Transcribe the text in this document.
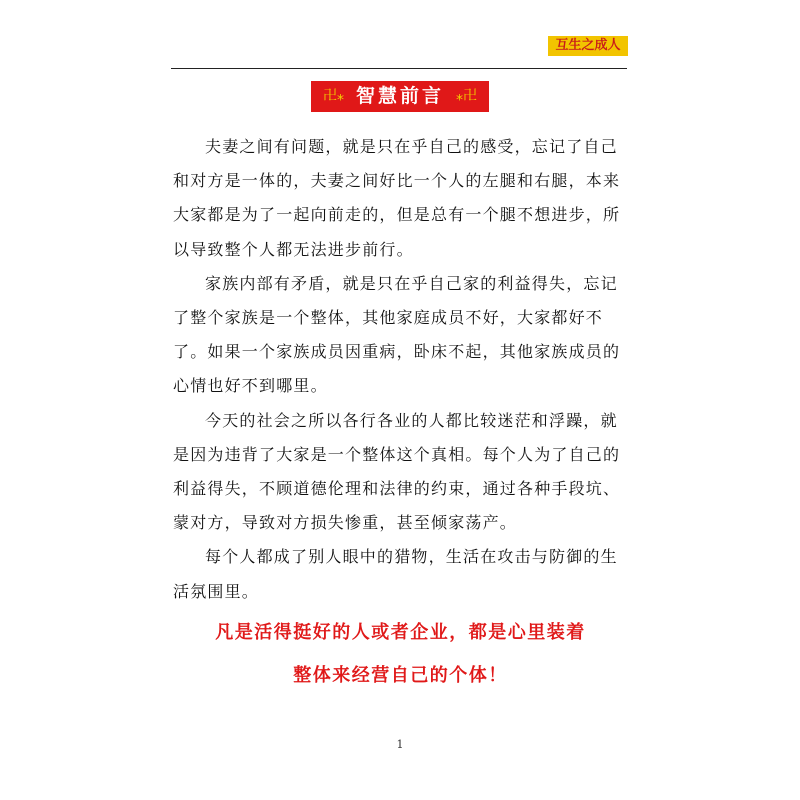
互生之成人
卍⁎ 智慧前言 ⁎卍

夫妻之间有问题，就是只在乎自己的感受，忘记了自己和对方是一体的，夫妻之间好比一个人的左腿和右腿，本来大家都是为了一起向前走的，但是总有一个腿不想进步，所以导致整个人都无法进步前行。

家族内部有矛盾，就是只在乎自己家的利益得失，忘记了整个家族是一个整体，其他家庭成员不好，大家都好不了。如果一个家族成员因重病，卧床不起，其他家族成员的心情也好不到哪里。

今天的社会之所以各行各业的人都比较迷茫和浮躁，就是因为违背了大家是一个整体这个真相。每个人为了自己的利益得失，不顾道德伦理和法律的约束，通过各种手段坑、蒙对方，导致对方损失惨重，甚至倾家荡产。

每个人都成了别人眼中的猎物，生活在攻击与防御的生活氛围里。

凡是活得挺好的人或者企业，都是心里装着
整体来经营自己的个体！
1
